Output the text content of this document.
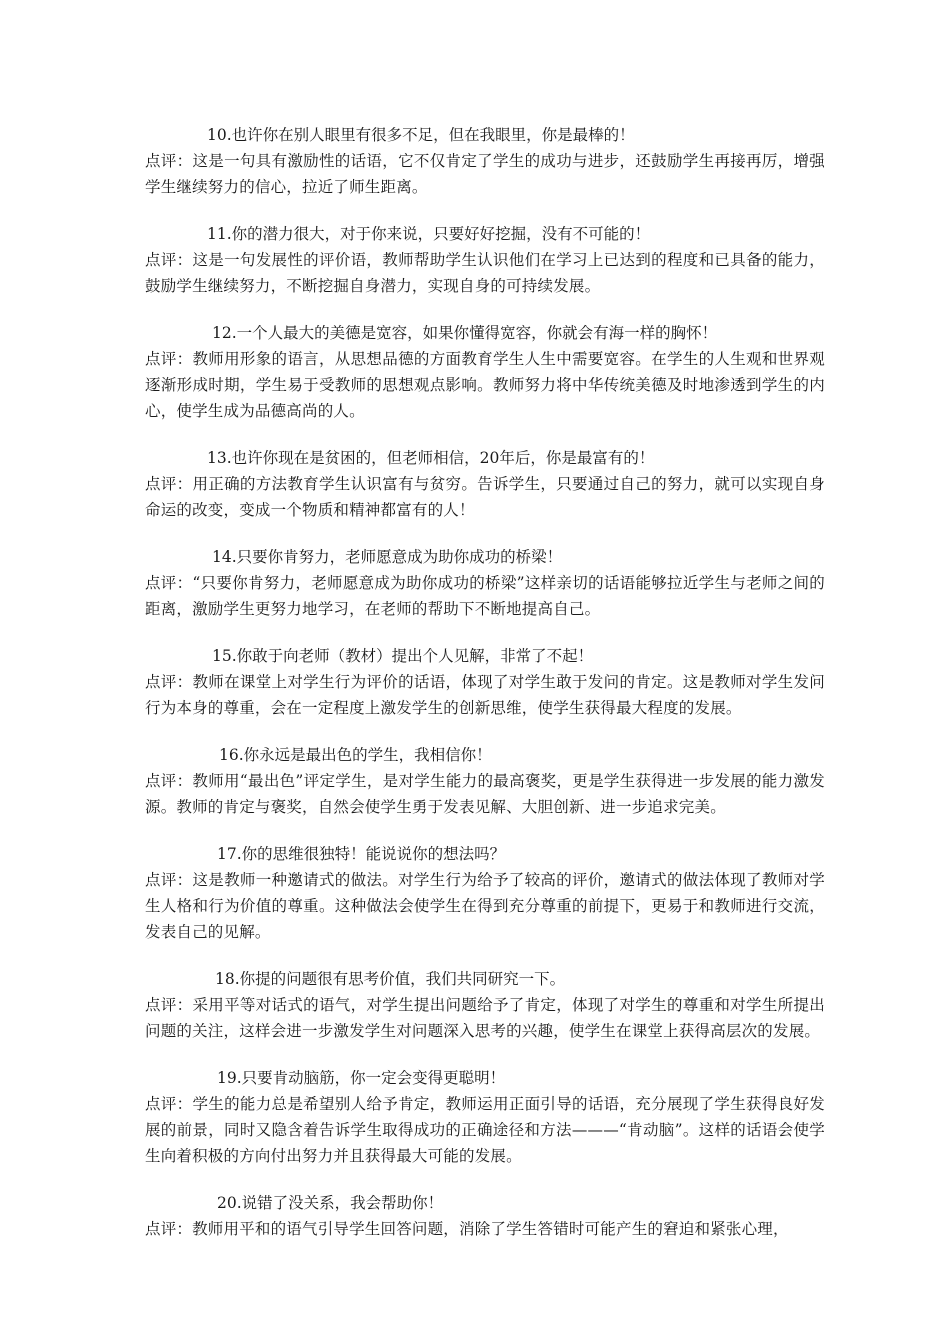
10.也许你在别人眼里有很多不足，但在我眼里，你是最棒的！
点评：这是一句具有激励性的话语，它不仅肯定了学生的成功与进步，还鼓励学生再接再厉，增强学生继续努力的信心，拉近了师生距离。
11.你的潜力很大，对于你来说，只要好好挖掘，没有不可能的！
点评：这是一句发展性的评价语，教师帮助学生认识他们在学习上已达到的程度和已具备的能力，鼓励学生继续努力，不断挖掘自身潜力，实现自身的可持续发展。
12.一个人最大的美德是宽容，如果你懂得宽容，你就会有海一样的胸怀！
点评：教师用形象的语言，从思想品德的方面教育学生人生中需要宽容。在学生的人生观和世界观逐渐形成时期，学生易于受教师的思想观点影响。教师努力将中华传统美德及时地渗透到学生的内心，使学生成为品德高尚的人。
13.也许你现在是贫困的，但老师相信，20年后，你是最富有的！
点评：用正确的方法教育学生认识富有与贫穷。告诉学生，只要通过自己的努力，就可以实现自身命运的改变，变成一个物质和精神都富有的人！
14.只要你肯努力，老师愿意成为助你成功的桥梁！
点评：“只要你肯努力，老师愿意成为助你成功的桥梁”这样亲切的话语能够拉近学生与老师之间的距离，激励学生更努力地学习，在老师的帮助下不断地提高自己。
15.你敢于向老师（教材）提出个人见解，非常了不起！
点评：教师在课堂上对学生行为评价的话语，体现了对学生敢于发问的肯定。这是教师对学生发问行为本身的尊重，会在一定程度上激发学生的创新思维，使学生获得最大程度的发展。
16.你永远是最出色的学生，我相信你！
点评：教师用“最出色”评定学生，是对学生能力的最高褒奖，更是学生获得进一步发展的能力激发源。教师的肯定与褒奖，自然会使学生勇于发表见解、大胆创新、进一步追求完美。
17.你的思维很独特！能说说你的想法吗？
点评：这是教师一种邀请式的做法。对学生行为给予了较高的评价，邀请式的做法体现了教师对学生人格和行为价值的尊重。这种做法会使学生在得到充分尊重的前提下，更易于和教师进行交流，发表自己的见解。
18.你提的问题很有思考价值，我们共同研究一下。
点评：采用平等对话式的语气，对学生提出问题给予了肯定，体现了对学生的尊重和对学生所提出问题的关注，这样会进一步激发学生对问题深入思考的兴趣，使学生在课堂上获得高层次的发展。
19.只要肯动脑筋，你一定会变得更聪明！
点评：学生的能力总是希望别人给予肯定，教师运用正面引导的话语，充分展现了学生获得良好发展的前景，同时又隐含着告诉学生取得成功的正确途径和方法———“肯动脑”。这样的话语会使学生向着积极的方向付出努力并且获得最大可能的发展。
20.说错了没关系，我会帮助你！
点评：教师用平和的语气引导学生回答问题，消除了学生答错时可能产生的窘迫和紧张心理，
